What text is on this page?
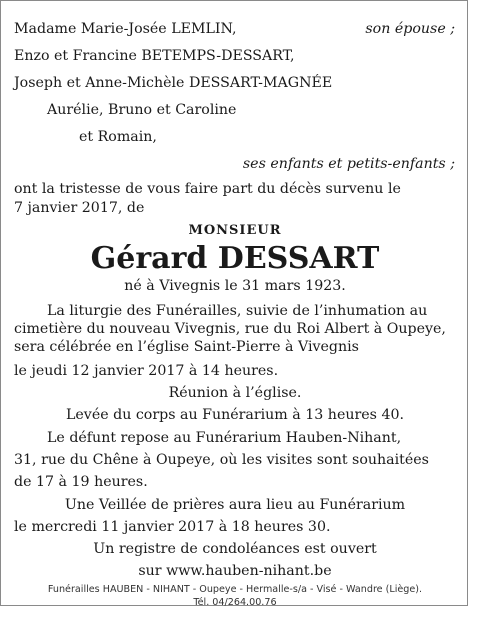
Madame Marie-Josée LEMLIN,	son épouse ;
Enzo et Francine BETEMPS-DESSART,
Joseph et Anne-Michèle DESSART-MAGNÉE
Aurélie, Bruno et Caroline
et Romain,
ses enfants et petits-enfants ;
ont la tristesse de vous faire part du décès survenu le
7 janvier 2017, de
MONSIEUR
Gérard DESSART
né à Vivegnis le 31 mars 1923.
La liturgie des Funérailles, suivie de l’inhumation au
cimetière du nouveau Vivegnis, rue du Roi Albert à Oupeye,
sera célébrée en l’église Saint-Pierre à Vivegnis
le jeudi 12 janvier 2017 à 14 heures.
Réunion à l’église.
Levée du corps au Funérarium à 13 heures 40.
Le défunt repose au Funérarium Hauben-Nihant,
31, rue du Chêne à Oupeye, où les visites sont souhaitées
de 17 à 19 heures.
Une Veillée de prières aura lieu au Funérarium
le mercredi 11 janvier 2017 à 18 heures 30.
Un registre de condoléances est ouvert
sur www.hauben-nihant.be
Funérailles HAUBEN - NIHANT - Oupeye - Hermalle-s/a - Visé - Wandre (Liège).
Tél. 04/264.00.76
